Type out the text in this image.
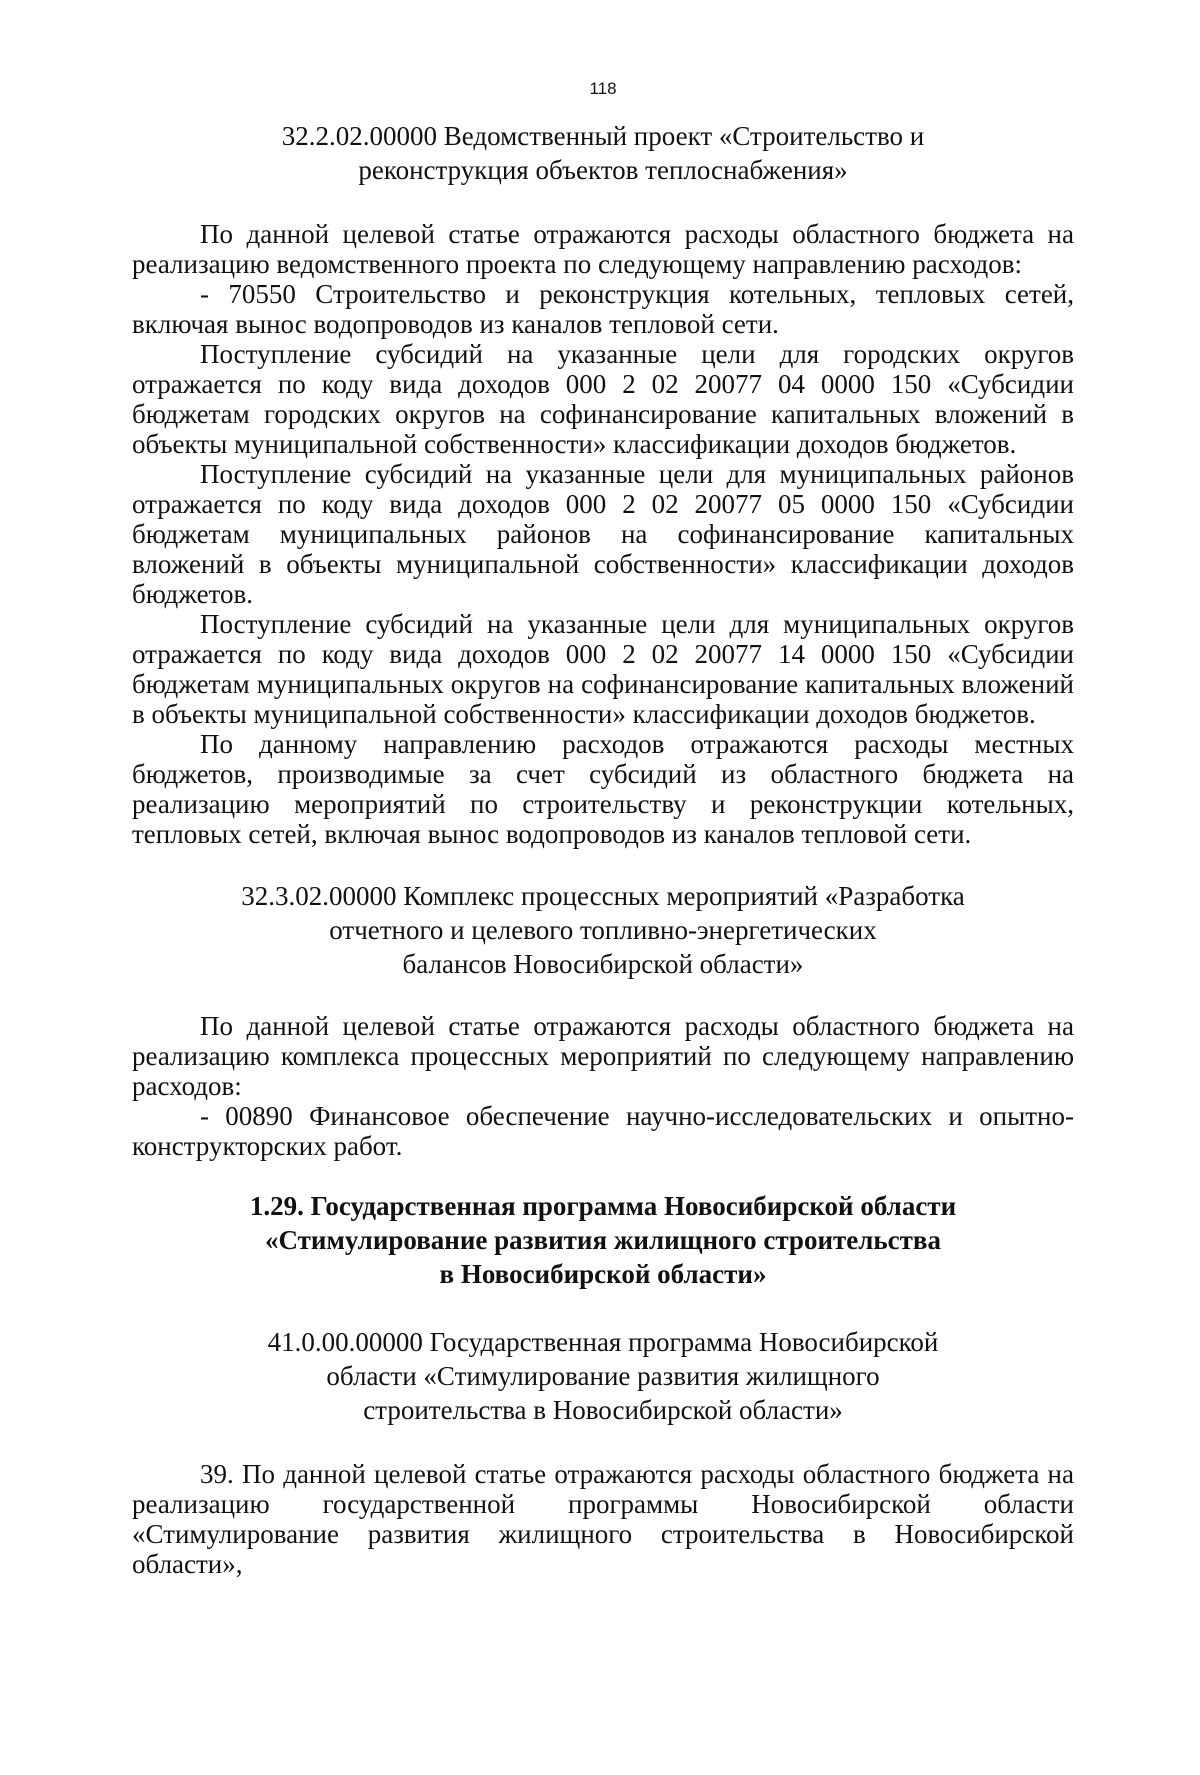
118
32.2.02.00000 Ведомственный проект «Строительство и
реконструкция объектов теплоснабжения»

По данной целевой статье отражаются расходы областного бюджета на реализацию ведомственного проекта по следующему направлению расходов:

- 70550 Строительство и реконструкция котельных, тепловых сетей, включая вынос водопроводов из каналов тепловой сети.

Поступление субсидий на указанные цели для городских округов отражается по коду вида доходов 000 2 02 20077 04 0000 150 «Субсидии бюджетам городских округов на софинансирование капитальных вложений в объекты муниципальной собственности» классификации доходов бюджетов.

Поступление субсидий на указанные цели для муниципальных районов отражается по коду вида доходов 000 2 02 20077 05 0000 150 «Субсидии бюджетам муниципальных районов на софинансирование капитальных вложений в объекты муниципальной собственности» классификации доходов бюджетов.

Поступление субсидий на указанные цели для муниципальных округов отражается по коду вида доходов 000 2 02 20077 14 0000 150 «Субсидии бюджетам муниципальных округов на софинансирование капитальных вложений в объекты муниципальной собственности» классификации доходов бюджетов.

По данному направлению расходов отражаются расходы местных бюджетов, производимые за счет субсидий из областного бюджета на реализацию мероприятий по строительству и реконструкции котельных, тепловых сетей, включая вынос водопроводов из каналов тепловой сети.

32.3.02.00000 Комплекс процессных мероприятий «Разработка
отчетного и целевого топливно-энергетических
балансов Новосибирской области»

По данной целевой статье отражаются расходы областного бюджета на реализацию комплекса процессных мероприятий по следующему направлению расходов:

- 00890 Финансовое обеспечение научно-исследовательских и опытно-конструкторских работ.

1.29. Государственная программа Новосибирской области
«Стимулирование развития жилищного строительства
в Новосибирской области»
41.0.00.00000 Государственная программа Новосибирской
области «Стимулирование развития жилищного
строительства в Новосибирской области»

39. По данной целевой статье отражаются расходы областного бюджета на реализацию государственной программы Новосибирской области «Стимулирование развития жилищного строительства в Новосибирской области»,
